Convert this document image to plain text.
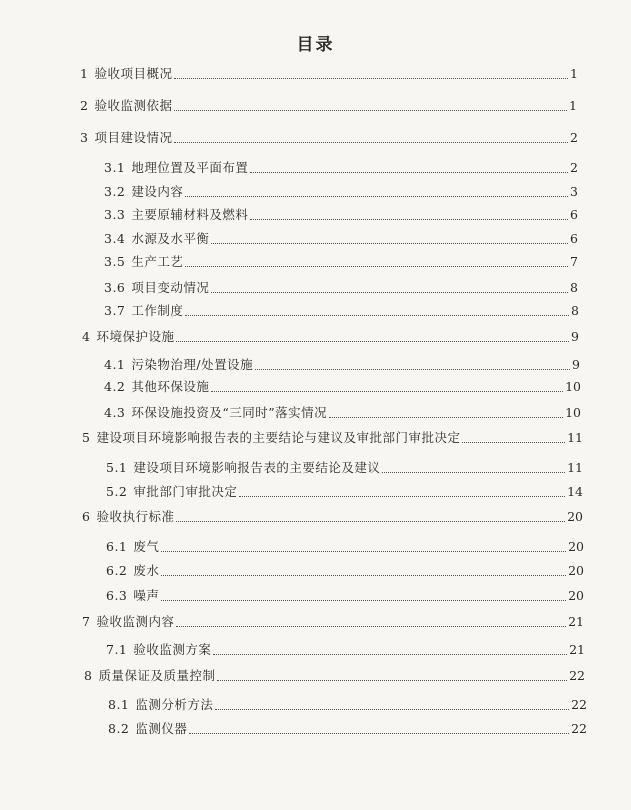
目录
1 验收项目概况	1
2 验收监测依据	1
3 项目建设情况	2
3.1 地理位置及平面布置	2
3.2 建设内容	3
3.3 主要原辅材料及燃料	6
3.4 水源及水平衡	6
3.5 生产工艺	7
3.6 项目变动情况	8
3.7 工作制度	8
4 环境保护设施	9
4.1 污染物治理/处置设施	9
4.2 其他环保设施	10
4.3 环保设施投资及“三同时”落实情况	10
5 建设项目环境影响报告表的主要结论与建议及审批部门审批决定	11
5.1 建设项目环境影响报告表的主要结论及建议	11
5.2 审批部门审批决定	14
6 验收执行标准	20
6.1 废气	20
6.2 废水	20
6.3 噪声	20
7 验收监测内容	21
7.1 验收监测方案	21
8 质量保证及质量控制	22
8.1 监测分析方法	22
8.2 监测仪器	22
